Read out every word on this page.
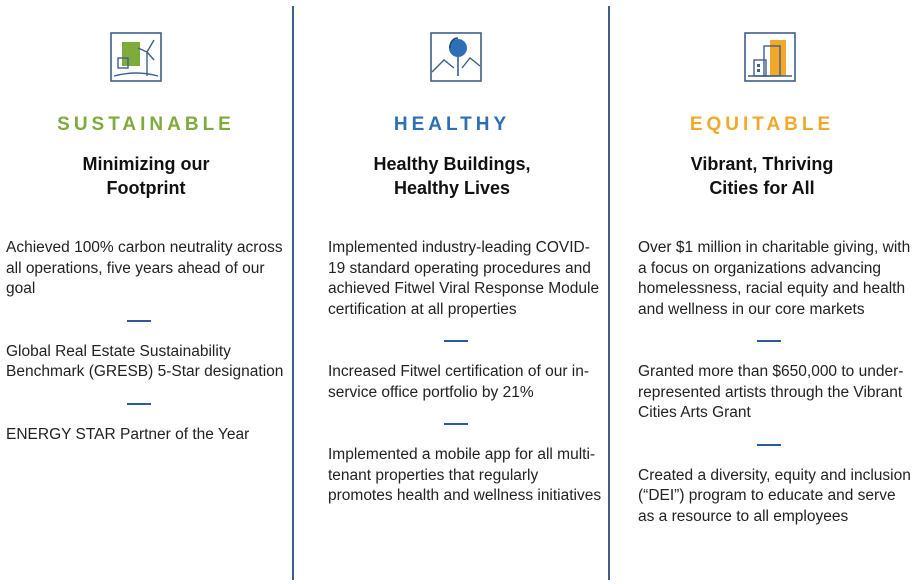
SUSTAINABLE
Minimizing our
Footprint
Achieved 100% carbon neutrality across all operations, five years ahead of our goal
Global Real Estate Sustainability Benchmark (GRESB) 5-Star designation
ENERGY STAR Partner of the Year
HEALTHY
Healthy Buildings,
Healthy Lives
Implemented industry-leading COVID-19 standard operating procedures and achieved Fitwel Viral Response Module certification at all properties
Increased Fitwel certification of our in-service office portfolio by 21%
Implemented a mobile app for all multi-tenant properties that regularly promotes health and wellness initiatives
EQUITABLE
Vibrant, Thriving
Cities for All
Over $1 million in charitable giving, with a focus on organizations advancing homelessness, racial equity and health and wellness in our core markets
Granted more than $650,000 to under-represented artists through the Vibrant Cities Arts Grant
Created a diversity, equity and inclusion (“DEI”) program to educate and serve as a resource to all employees
